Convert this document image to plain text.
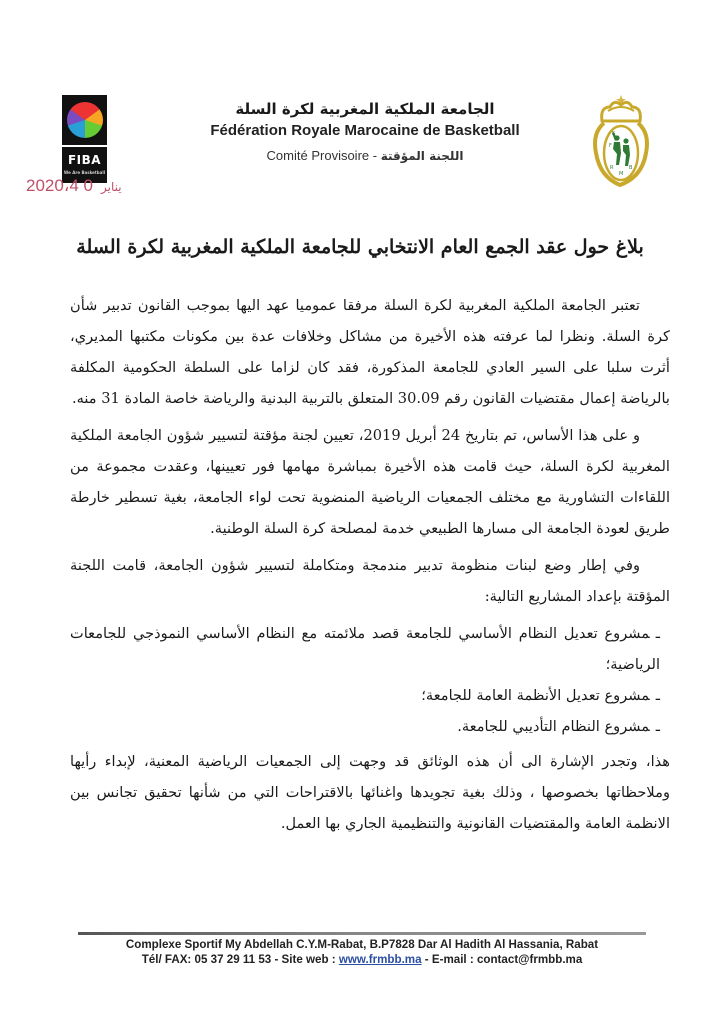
FIBA
We Are Basketball
S
F
R
M
B
الجامعة الملكية المغربية لكرة السلة
Fédération Royale Marocaine de Basketball
Comité Provisoire - اللجنة المؤقتة
2020،	يناير0 4
بلاغ حول عقد الجمع العام الانتخابي للجامعة الملكية المغربية لكرة السلة

تعتبر الجامعة الملكية المغربية لكرة السلة مرفقا عموميا عهد اليها بموجب القانون تدبير شأن كرة السلة. ونظرا لما عرفته هذه الأخيرة من مشاكل وخلافات عدة بين مكونات مكتبها المديري، أثرت سلبا على السير العادي للجامعة المذكورة، فقد كان لزاما على السلطة الحكومية المكلفة بالرياضة إعمال مقتضيات القانون رقم 30.09 المتعلق بالتربية البدنية والرياضة خاصة المادة 31 منه.

و على هذا الأساس، تم بتاريخ 24 أبريل 2019، تعيين لجنة مؤقتة لتسيير شؤون الجامعة الملكية المغربية لكرة السلة، حيث قامت هذه الأخيرة بمباشرة مهامها فور تعيينها، وعقدت مجموعة من اللقاءات التشاورية مع مختلف الجمعيات الرياضية المنضوية تحت لواء الجامعة، بغية تسطير خارطة طريق لعودة الجامعة الى مسارها الطبيعي خدمة لمصلحة كرة السلة الوطنية.

وفي إطار وضع لبنات منظومة تدبير مندمجة ومتكاملة لتسيير شؤون الجامعة، قامت اللجنة المؤقتة بإعداد المشاريع التالية:

ـمشروع تعديل النظام الأساسي للجامعة قصد ملائمته مع النظام الأساسي النموذجي للجامعات الرياضية؛
ـمشروع تعديل الأنظمة العامة للجامعة؛
ـمشروع النظام التأديبي للجامعة.

هذا، وتجدر الإشارة الى أن هذه الوثائق قد وجهت إلى الجمعيات الرياضية المعنية، لإبداء رأيها وملاحظاتها بخصوصها ، وذلك بغية تجويدها واغنائها بالاقتراحات التي من شأنها تحقيق تجانس بين الانظمة العامة والمقتضيات القانونية والتنظيمية الجاري بها العمل.

Complexe Sportif My Abdellah C.Y.M-Rabat, B.P7828 Dar Al Hadith Al Hassania, Rabat
Tél/ FAX: 05 37 29 11 53 - Site web : www.frmbb.ma - E-mail : contact@frmbb.ma
